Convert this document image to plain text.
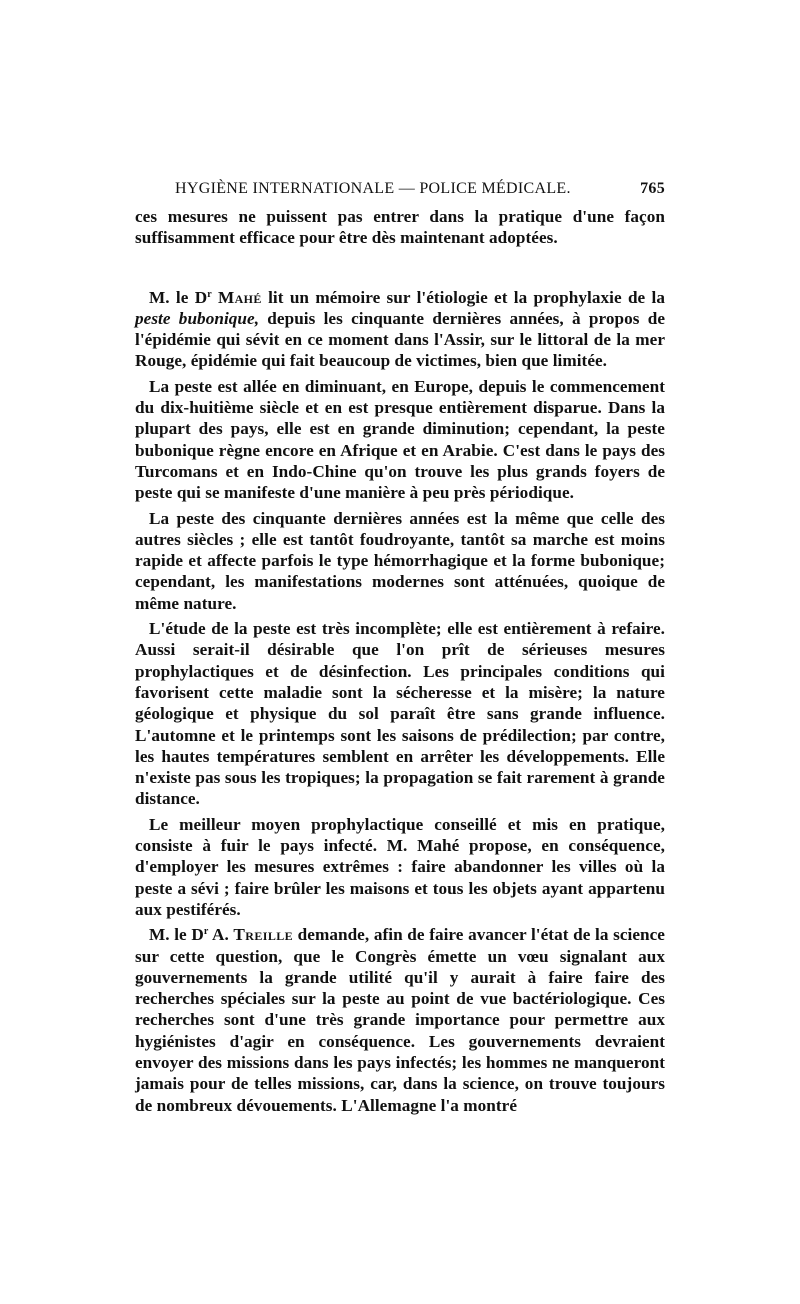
HYGIÈNE INTERNATIONALE — POLICE MÉDICALE.	765

ces mesures ne puissent pas entrer dans la pratique d'une façon suffisamment efficace pour être dès maintenant adoptées.

M. le $D^r$ Mahé lit un mémoire sur l'étiologie et la prophylaxie de la peste bubonique, depuis les cinquante dernières années, à propos de l'épidémie qui sévit en ce moment dans l'Assir, sur le littoral de la mer Rouge, épidémie qui fait beaucoup de victimes, bien que limitée.

La peste est allée en diminuant, en Europe, depuis le commencement du dix-huitième siècle et en est presque entièrement disparue. Dans la plupart des pays, elle est en grande diminution; cependant, la peste bubonique règne encore en Afrique et en Arabie. C'est dans le pays des Turcomans et en Indo-Chine qu'on trouve les plus grands foyers de peste qui se manifeste d'une manière à peu près périodique.

La peste des cinquante dernières années est la même que celle des autres siècles ; elle est tantôt foudroyante, tantôt sa marche est moins rapide et affecte parfois le type hémorrhagique et la forme bubonique; cependant, les manifestations modernes sont atténuées, quoique de même nature.

L'étude de la peste est très incomplète; elle est entièrement à refaire. Aussi serait-il désirable que l'on prît de sérieuses mesures prophylactiques et de désinfection. Les principales conditions qui favorisent cette maladie sont la sécheresse et la misère; la nature géologique et physique du sol paraît être sans grande influence. L'automne et le printemps sont les saisons de prédilection; par contre, les hautes températures semblent en arrêter les développements. Elle n'existe pas sous les tropiques; la propagation se fait rarement à grande distance.

Le meilleur moyen prophylactique conseillé et mis en pratique, consiste à fuir le pays infecté. M. Mahé propose, en conséquence, d'employer les mesures extrêmes : faire abandonner les villes où la peste a sévi ; faire brûler les maisons et tous les objets ayant appartenu aux pestiférés.

M. le $D^r$ A. Treille demande, afin de faire avancer l'état de la science sur cette question, que le Congrès émette un vœu signalant aux gouvernements la grande utilité qu'il y aurait à faire faire des recherches spéciales sur la peste au point de vue bactériologique. Ces recherches sont d'une très grande importance pour permettre aux hygiénistes d'agir en conséquence. Les gouvernements devraient envoyer des missions dans les pays infectés; les hommes ne manqueront jamais pour de telles missions, car, dans la science, on trouve toujours de nombreux dévouements. L'Allemagne l'a montré
